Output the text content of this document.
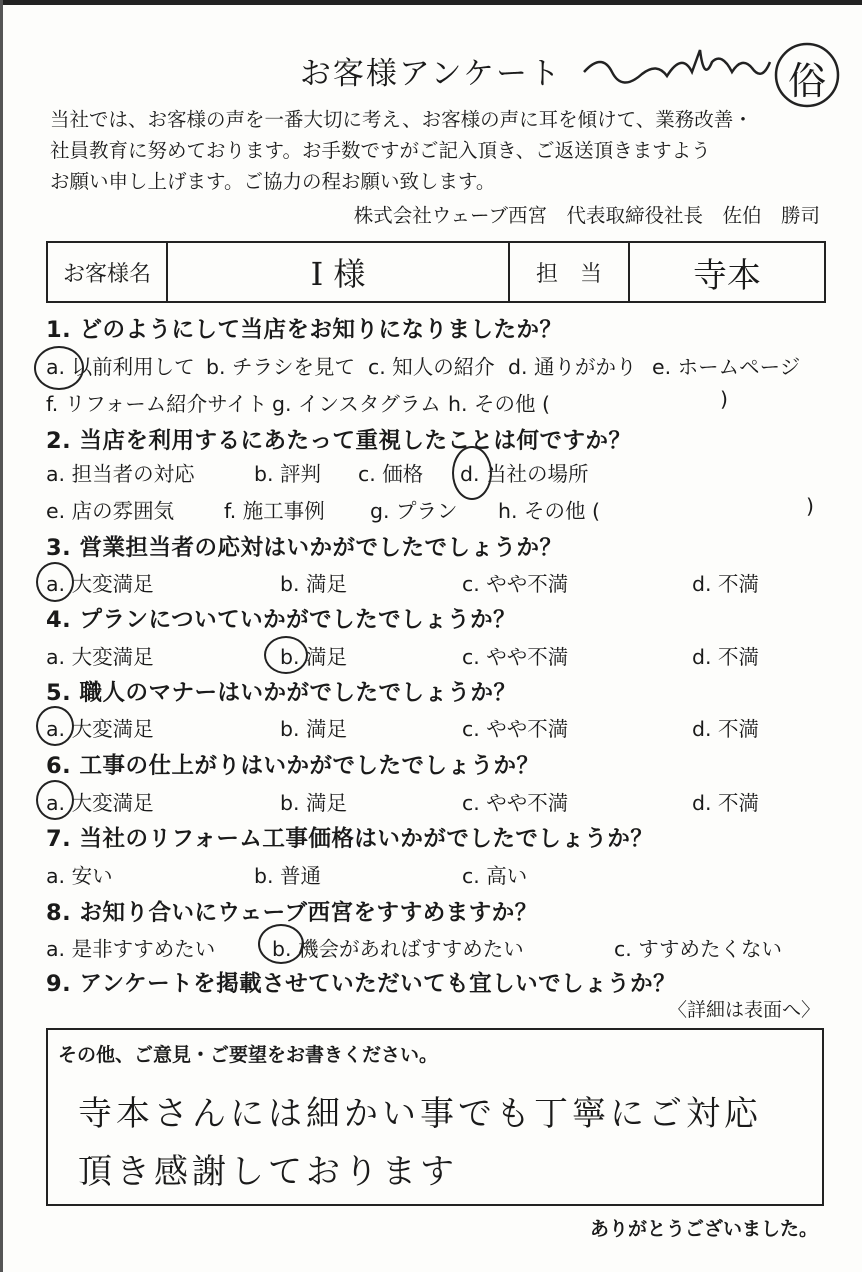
お客様アンケート	俗
当社では、お客様の声を一番大切に考え、お客様の声に耳を傾けて、業務改善・
社員教育に努めております。お手数ですがご記入頂き、ご返送頂きますよう
お願い申し上げます。ご協力の程お願い致します。
株式会社ウェーブ西宮　代表取締役社長　佐伯　勝司
お客様名	I 様	担　当	寺本
1. どのようにして当店をお知りになりましたか？
a. 以前利用して b. チラシを見て c. 知人の紹介 d. 通りがかり e. ホームページ
f. リフォーム紹介サイト g. インスタグラム h. その他 (	)
2. 当店を利用するにあたって重視したことは何ですか？
a. 担当者の対応	b. 評判 c. 価格 d. 当社の場所
e. 店の雰囲気 f. 施工事例 g. プラン h. その他 (	)
3. 営業担当者の応対はいかがでしたでしょうか？
a. 大変満足	b. 満足	c. やや不満	d. 不満
4. プランについていかがでしたでしょうか？
a. 大変満足	b. 満足	c. やや不満	d. 不満
5. 職人のマナーはいかがでしたでしょうか？
a. 大変満足	b. 満足	c. やや不満	d. 不満
6. 工事の仕上がりはいかがでしたでしょうか？
a. 大変満足	b. 満足	c. やや不満	d. 不満
7. 当社のリフォーム工事価格はいかがでしたでしょうか？
a. 安い	b. 普通	c. 高い
8. お知り合いにウェーブ西宮をすすめますか？
a. 是非すすめたい	b. 機会があればすすめたい	c. すすめたくない
9. アンケートを掲載させていただいても宜しいでしょうか？
〈詳細は表面へ〉
その他、ご意見・ご要望をお書きください。
寺本さんには細かい事でも丁寧にご対応
頂き感謝しております
ありがとうございました。
